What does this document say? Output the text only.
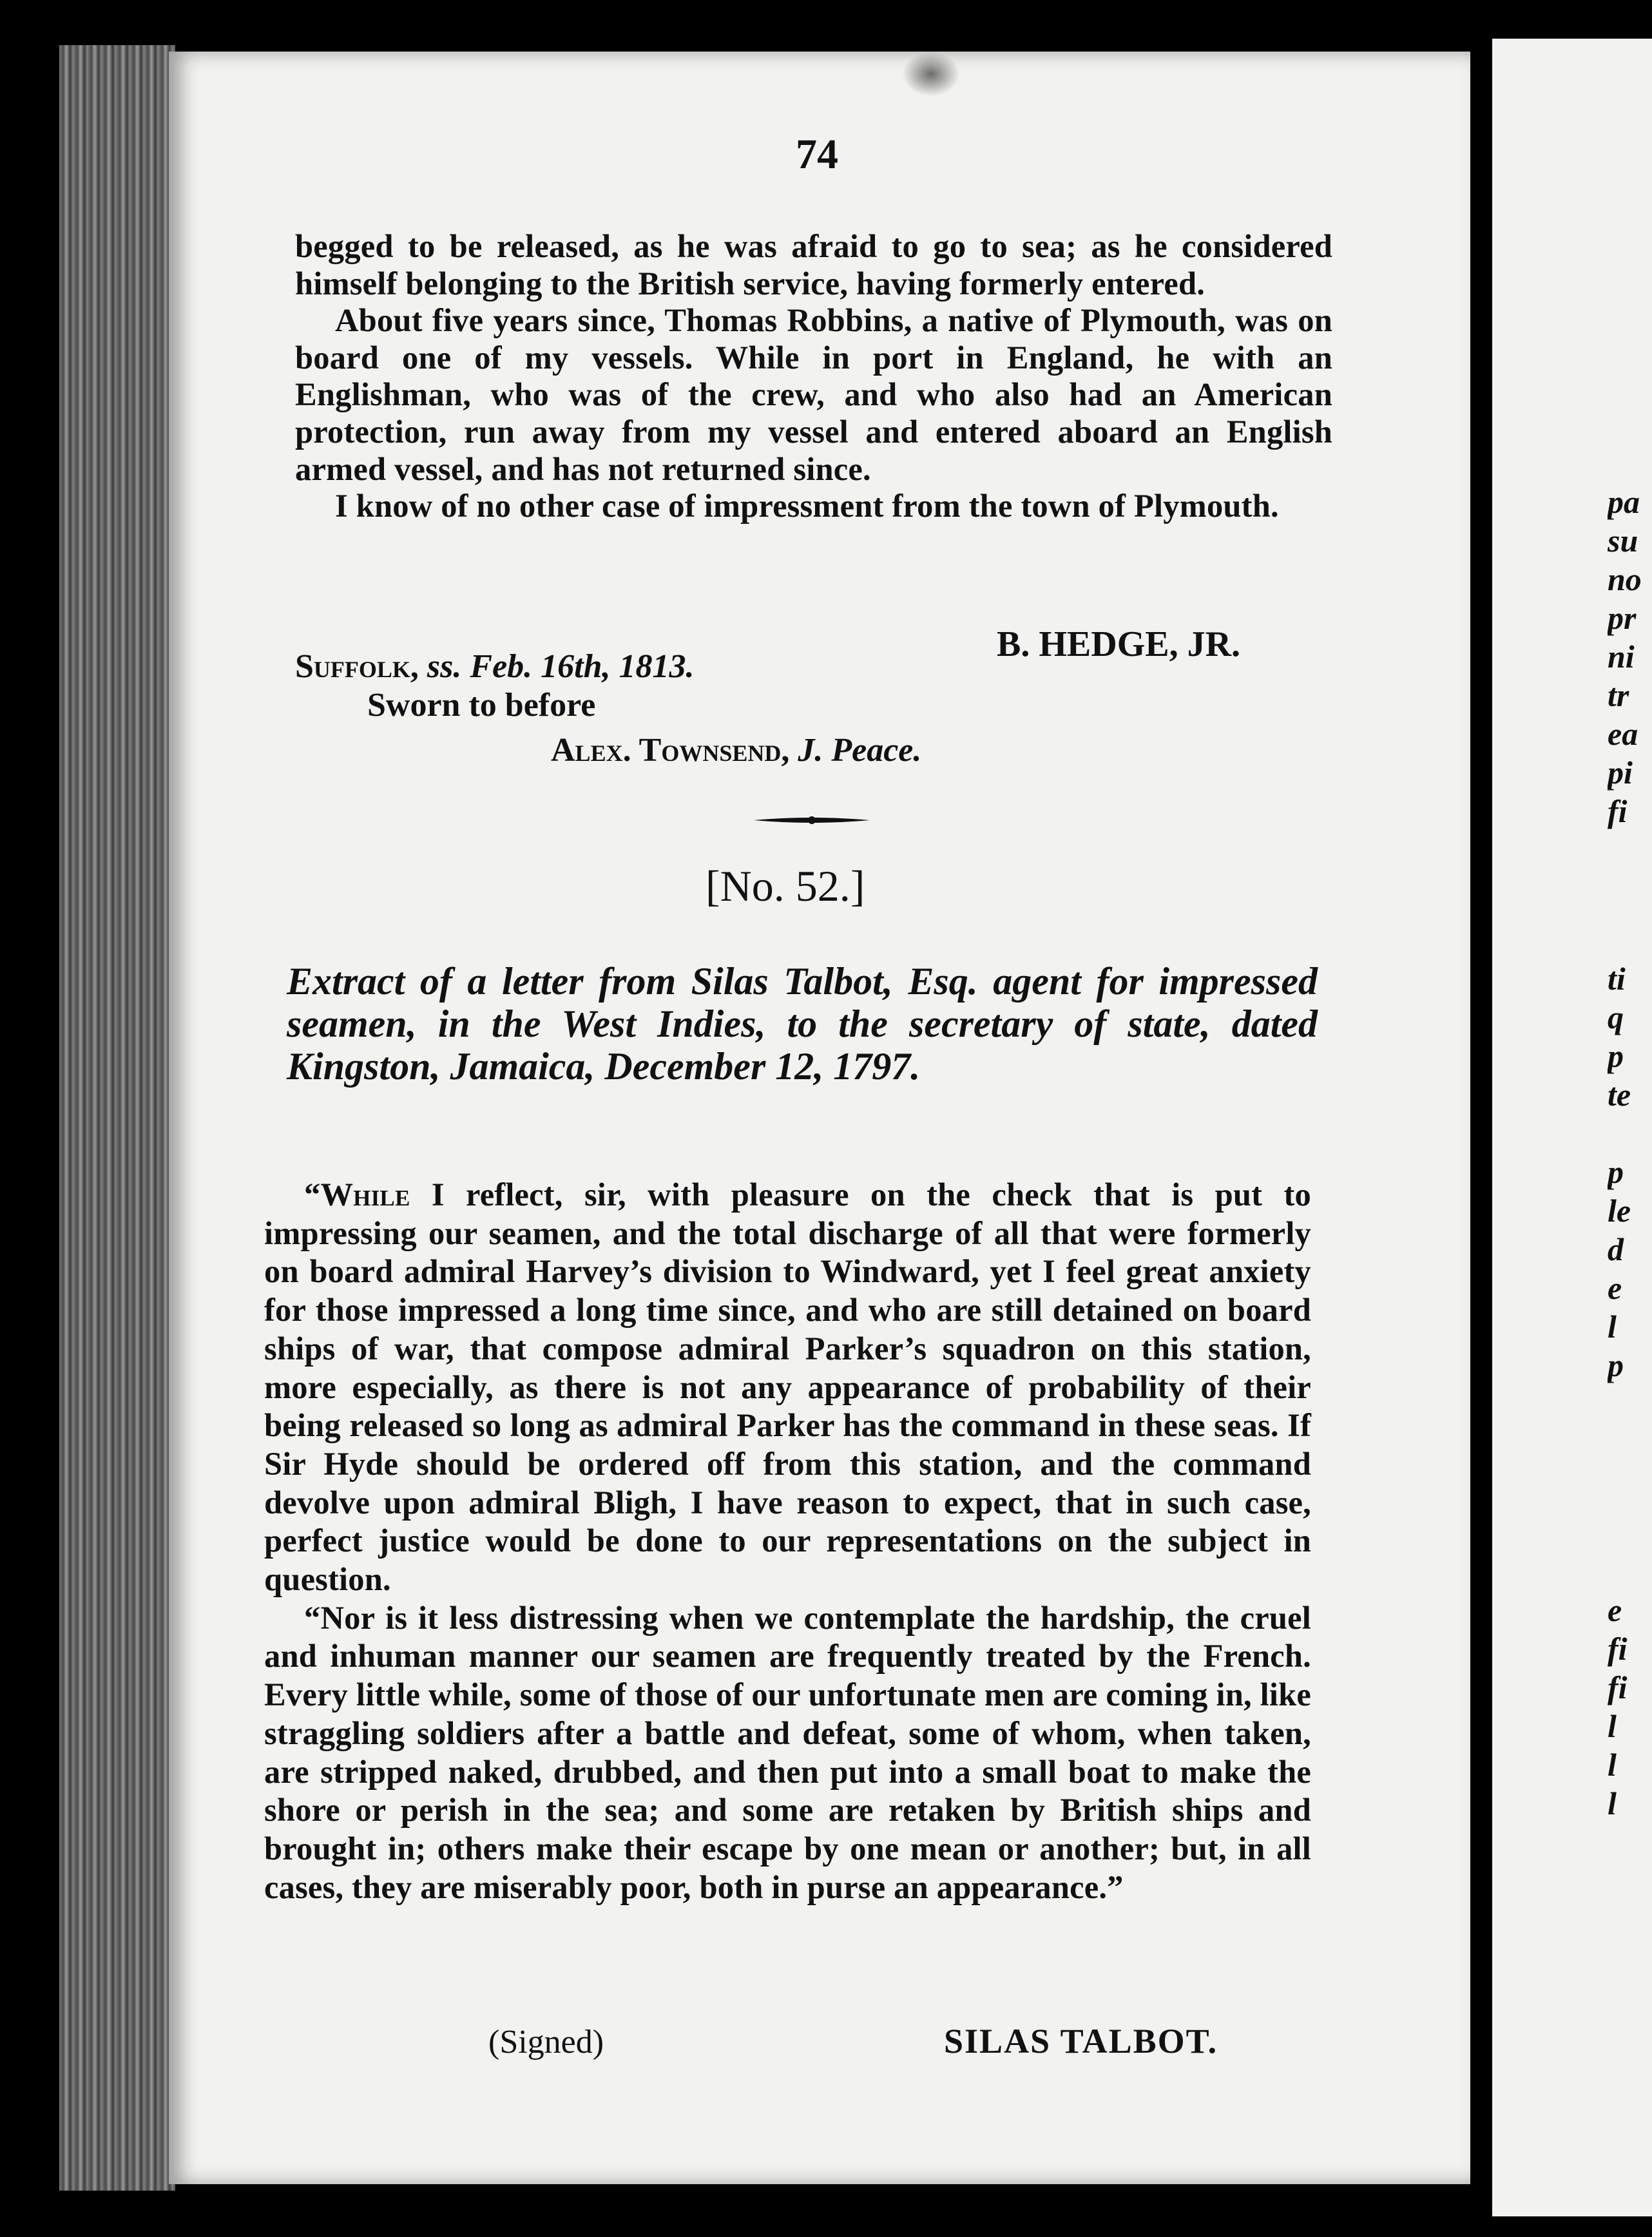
74

begged to be released, as he was afraid to go to sea; as he considered himself belonging to the British service, having formerly entered.

About five years since, Thomas Robbins, a native of Plymouth, was on board one of my vessels. While in port in England, he with an Englishman, who was of the crew, and who also had an American protection, run away from my vessel and entered aboard an English armed vessel, and has not returned since.

I know of no other case of impressment from the town of Plymouth.

B. HEDGE, JR.
Suffolk, ss. Feb. 16th, 1813.
Sworn to before
Alex. Townsend, J. Peace.
[No. 52.]
Extract of a letter from Silas Talbot, Esq. agent for impressed seamen, in the West Indies, to the secretary of state, dated Kingston, Jamaica, December 12, 1797.

“While I reflect, sir, with pleasure on the check that is put to impressing our seamen, and the total discharge of all that were formerly on board admiral Harvey’s division to Windward, yet I feel great anxiety for those impressed a long time since, and who are still detained on board ships of war, that compose admiral Parker’s squadron on this station, more especially, as there is not any appearance of probability of their being released so long as admiral Parker has the command in these seas. If Sir Hyde should be ordered off from this station, and the command devolve upon admiral Bligh, I have reason to expect, that in such case, perfect justice would be done to our representations on the subject in question.

“Nor is it less distressing when we contemplate the hardship, the cruel and inhuman manner our seamen are frequently treated by the French. Every little while, some of those of our unfortunate men are coming in, like straggling soldiers after a battle and defeat, some of whom, when taken, are stripped naked, drubbed, and then put into a small boat to make the shore or perish in the sea; and some are retaken by British ships and brought in; others make their escape by one mean or another; but, in all cases, they are miserably poor, both in purse an appearance.”

(Signed)	SILAS TALBOT.
pa
su
no
pr
ni
tr
ea
pi
fi
ti
q
p
te
p
le
d
e
l
p
e
fi
fi
l
l
l
